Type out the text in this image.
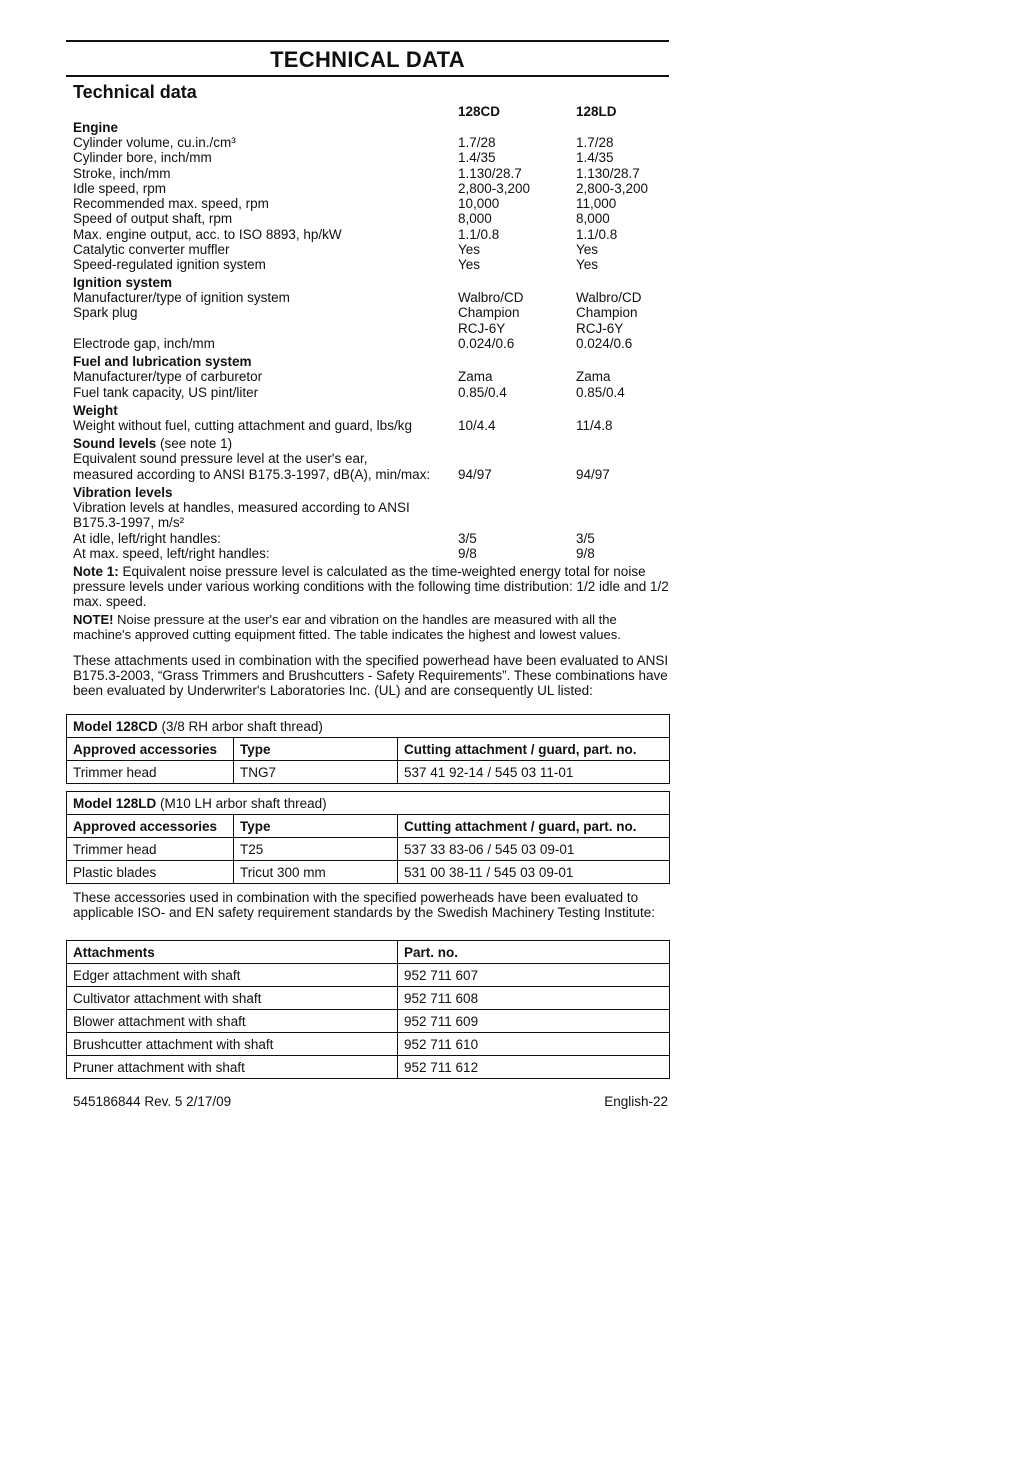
TECHNICAL DATA
Technical data
128CD	128LD
Engine
Cylinder volume, cu.in./cm³	1.7/28	1.7/28
Cylinder bore, inch/mm	1.4/35	1.4/35
Stroke, inch/mm	1.130/28.7	1.130/28.7
Idle speed, rpm	2,800-3,200	2,800-3,200
Recommended max. speed, rpm	10,000	11,000
Speed of output shaft, rpm	8,000	8,000
Max. engine output, acc. to ISO 8893, hp/kW	1.1/0.8	1.1/0.8
Catalytic converter muffler	Yes	Yes
Speed-regulated ignition system	Yes	Yes
Ignition system
Manufacturer/type of ignition system	Walbro/CD	Walbro/CD
Spark plug	Champion	Champion
RCJ-6Y	RCJ-6Y
Electrode gap, inch/mm	0.024/0.6	0.024/0.6
Fuel and lubrication system
Manufacturer/type of carburetor	Zama	Zama
Fuel tank capacity, US pint/liter	0.85/0.4	0.85/0.4
Weight
Weight without fuel, cutting attachment and guard, lbs/kg	10/4.4	11/4.8
Sound levels (see note 1)
Equivalent sound pressure level at the user's ear,
measured according to ANSI B175.3-1997, dB(A), min/max: 94/97	94/97
Vibration levels
Vibration levels at handles, measured according to ANSI
B175.3-1997, m/s²
At idle, left/right handles:	3/5	3/5
At max. speed, left/right handles:	9/8	9/8
Note 1: Equivalent noise pressure level is calculated as the time-weighted energy total for noise pressure levels under various working conditions with the following time distribution: 1/2 idle and 1/2 max. speed.
NOTE! Noise pressure at the user's ear and vibration on the handles are measured with all the machine's approved cutting equipment fitted. The table indicates the highest and lowest values.
These attachments used in combination with the specified powerhead have been evaluated to ANSI B175.3-2003, “Grass Trimmers and Brushcutters - Safety Requirements”. These combinations have been evaluated by Underwriter's Laboratories Inc. (UL) and are consequently UL listed:
Model 128CD (3/8 RH arbor shaft thread)		
Approved accessories	Type	Cutting attachment / guard, part. no.
Trimmer head	TNG7	537 41 92-14 / 545 03 11-01
Model 128LD (M10 LH arbor shaft thread)		
Approved accessories	Type	Cutting attachment / guard, part. no.
Trimmer head	T25	537 33 83-06 / 545 03 09-01
Plastic blades	Tricut 300 mm	531 00 38-11 / 545 03 09-01
These accessories used in combination with the specified powerheads have been evaluated to applicable ISO- and EN safety requirement standards by the Swedish Machinery Testing Institute:
Attachments	Part. no.
Edger attachment with shaft	952 711 607
Cultivator attachment with shaft	952 711 608
Blower attachment with shaft	952 711 609
Brushcutter attachment with shaft	952 711 610
Pruner attachment with shaft	952 711 612
545186844 Rev. 5 2/17/09	English-22
